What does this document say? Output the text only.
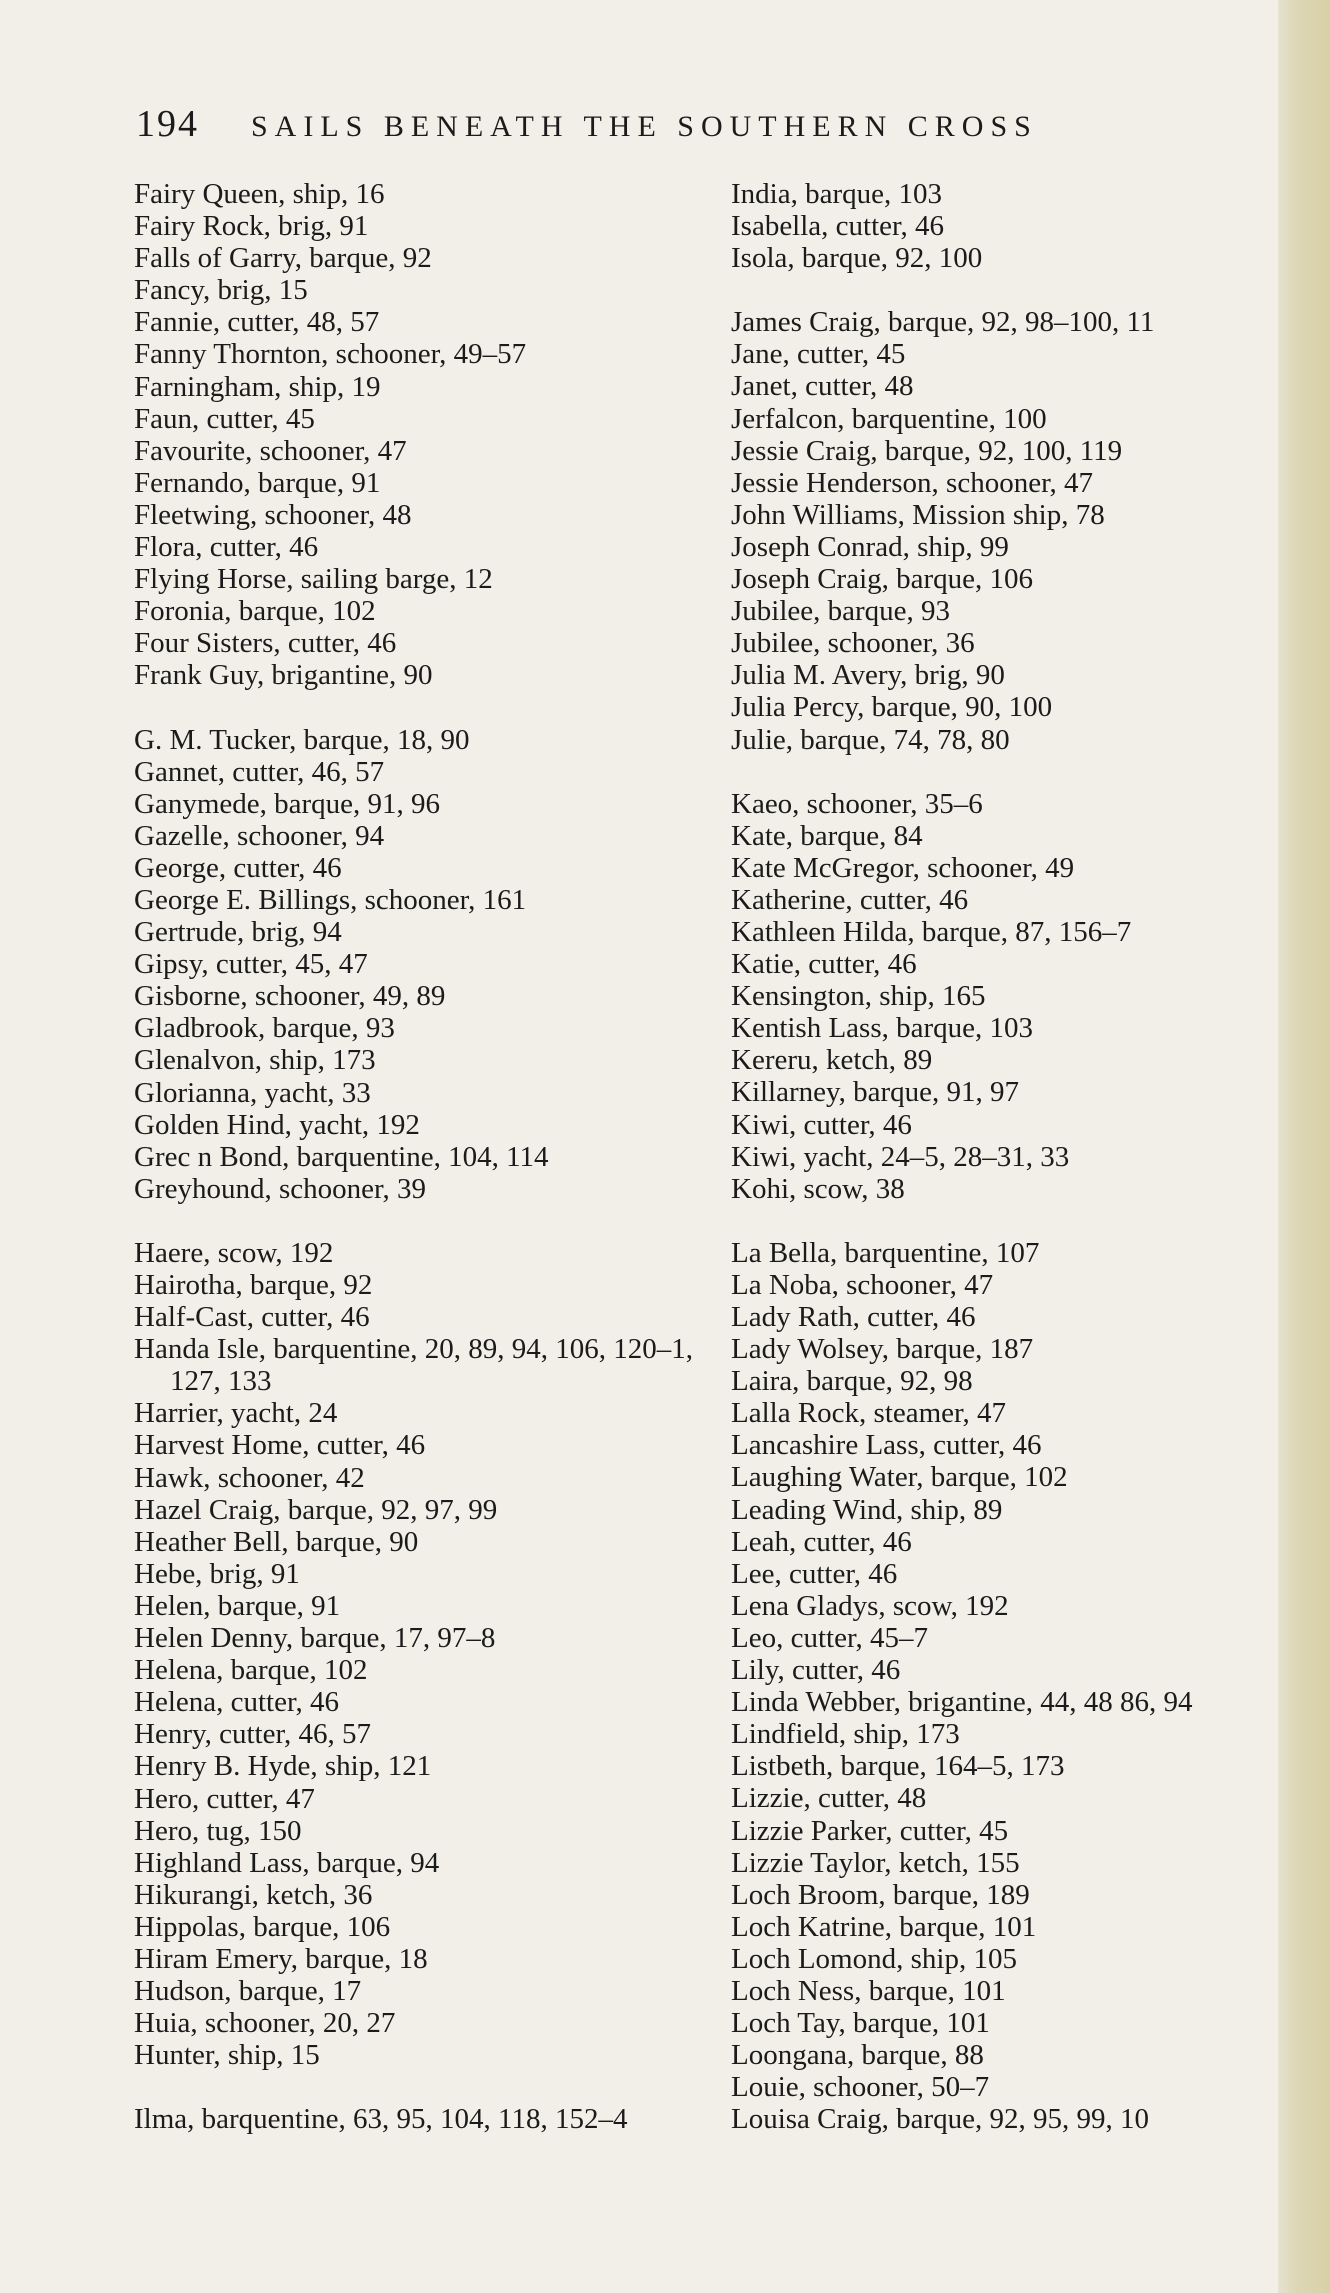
194 SAILS BENEATH THE SOUTHERN CROSS
Fairy Queen, ship, 16
Fairy Rock, brig, 91
Falls of Garry, barque, 92
Fancy, brig, 15
Fannie, cutter, 48, 57
Fanny Thornton, schooner, 49–57
Farningham, ship, 19
Faun, cutter, 45
Favourite, schooner, 47
Fernando, barque, 91
Fleetwing, schooner, 48
Flora, cutter, 46
Flying Horse, sailing barge, 12
Foronia, barque, 102
Four Sisters, cutter, 46
Frank Guy, brigantine, 90
G. M. Tucker, barque, 18, 90
Gannet, cutter, 46, 57
Ganymede, barque, 91, 96
Gazelle, schooner, 94
George, cutter, 46
George E. Billings, schooner, 161
Gertrude, brig, 94
Gipsy, cutter, 45, 47
Gisborne, schooner, 49, 89
Gladbrook, barque, 93
Glenalvon, ship, 173
Glorianna, yacht, 33
Golden Hind, yacht, 192
Grec n Bond, barquentine, 104, 114
Greyhound, schooner, 39
Haere, scow, 192
Hairotha, barque, 92
Half-Cast, cutter, 46
Handa Isle, barquentine, 20, 89, 94, 106, 120–1, 127, 133
Harrier, yacht, 24
Harvest Home, cutter, 46
Hawk, schooner, 42
Hazel Craig, barque, 92, 97, 99
Heather Bell, barque, 90
Hebe, brig, 91
Helen, barque, 91
Helen Denny, barque, 17, 97–8
Helena, barque, 102
Helena, cutter, 46
Henry, cutter, 46, 57
Henry B. Hyde, ship, 121
Hero, cutter, 47
Hero, tug, 150
Highland Lass, barque, 94
Hikurangi, ketch, 36
Hippolas, barque, 106
Hiram Emery, barque, 18
Hudson, barque, 17
Huia, schooner, 20, 27
Hunter, ship, 15
Ilma, barquentine, 63, 95, 104, 118, 152–4
India, barque, 103
Isabella, cutter, 46
Isola, barque, 92, 100
James Craig, barque, 92, 98–100, 11
Jane, cutter, 45
Janet, cutter, 48
Jerfalcon, barquentine, 100
Jessie Craig, barque, 92, 100, 119
Jessie Henderson, schooner, 47
John Williams, Mission ship, 78
Joseph Conrad, ship, 99
Joseph Craig, barque, 106
Jubilee, barque, 93
Jubilee, schooner, 36
Julia M. Avery, brig, 90
Julia Percy, barque, 90, 100
Julie, barque, 74, 78, 80
Kaeo, schooner, 35–6
Kate, barque, 84
Kate McGregor, schooner, 49
Katherine, cutter, 46
Kathleen Hilda, barque, 87, 156–7
Katie, cutter, 46
Kensington, ship, 165
Kentish Lass, barque, 103
Kereru, ketch, 89
Killarney, barque, 91, 97
Kiwi, cutter, 46
Kiwi, yacht, 24–5, 28–31, 33
Kohi, scow, 38
La Bella, barquentine, 107
La Noba, schooner, 47
Lady Rath, cutter, 46
Lady Wolsey, barque, 187
Laira, barque, 92, 98
Lalla Rock, steamer, 47
Lancashire Lass, cutter, 46
Laughing Water, barque, 102
Leading Wind, ship, 89
Leah, cutter, 46
Lee, cutter, 46
Lena Gladys, scow, 192
Leo, cutter, 45–7
Lily, cutter, 46
Linda Webber, brigantine, 44, 48 86, 94
Lindfield, ship, 173
Listbeth, barque, 164–5, 173
Lizzie, cutter, 48
Lizzie Parker, cutter, 45
Lizzie Taylor, ketch, 155
Loch Broom, barque, 189
Loch Katrine, barque, 101
Loch Lomond, ship, 105
Loch Ness, barque, 101
Loch Tay, barque, 101
Loongana, barque, 88
Louie, schooner, 50–7
Louisa Craig, barque, 92, 95, 99, 10
